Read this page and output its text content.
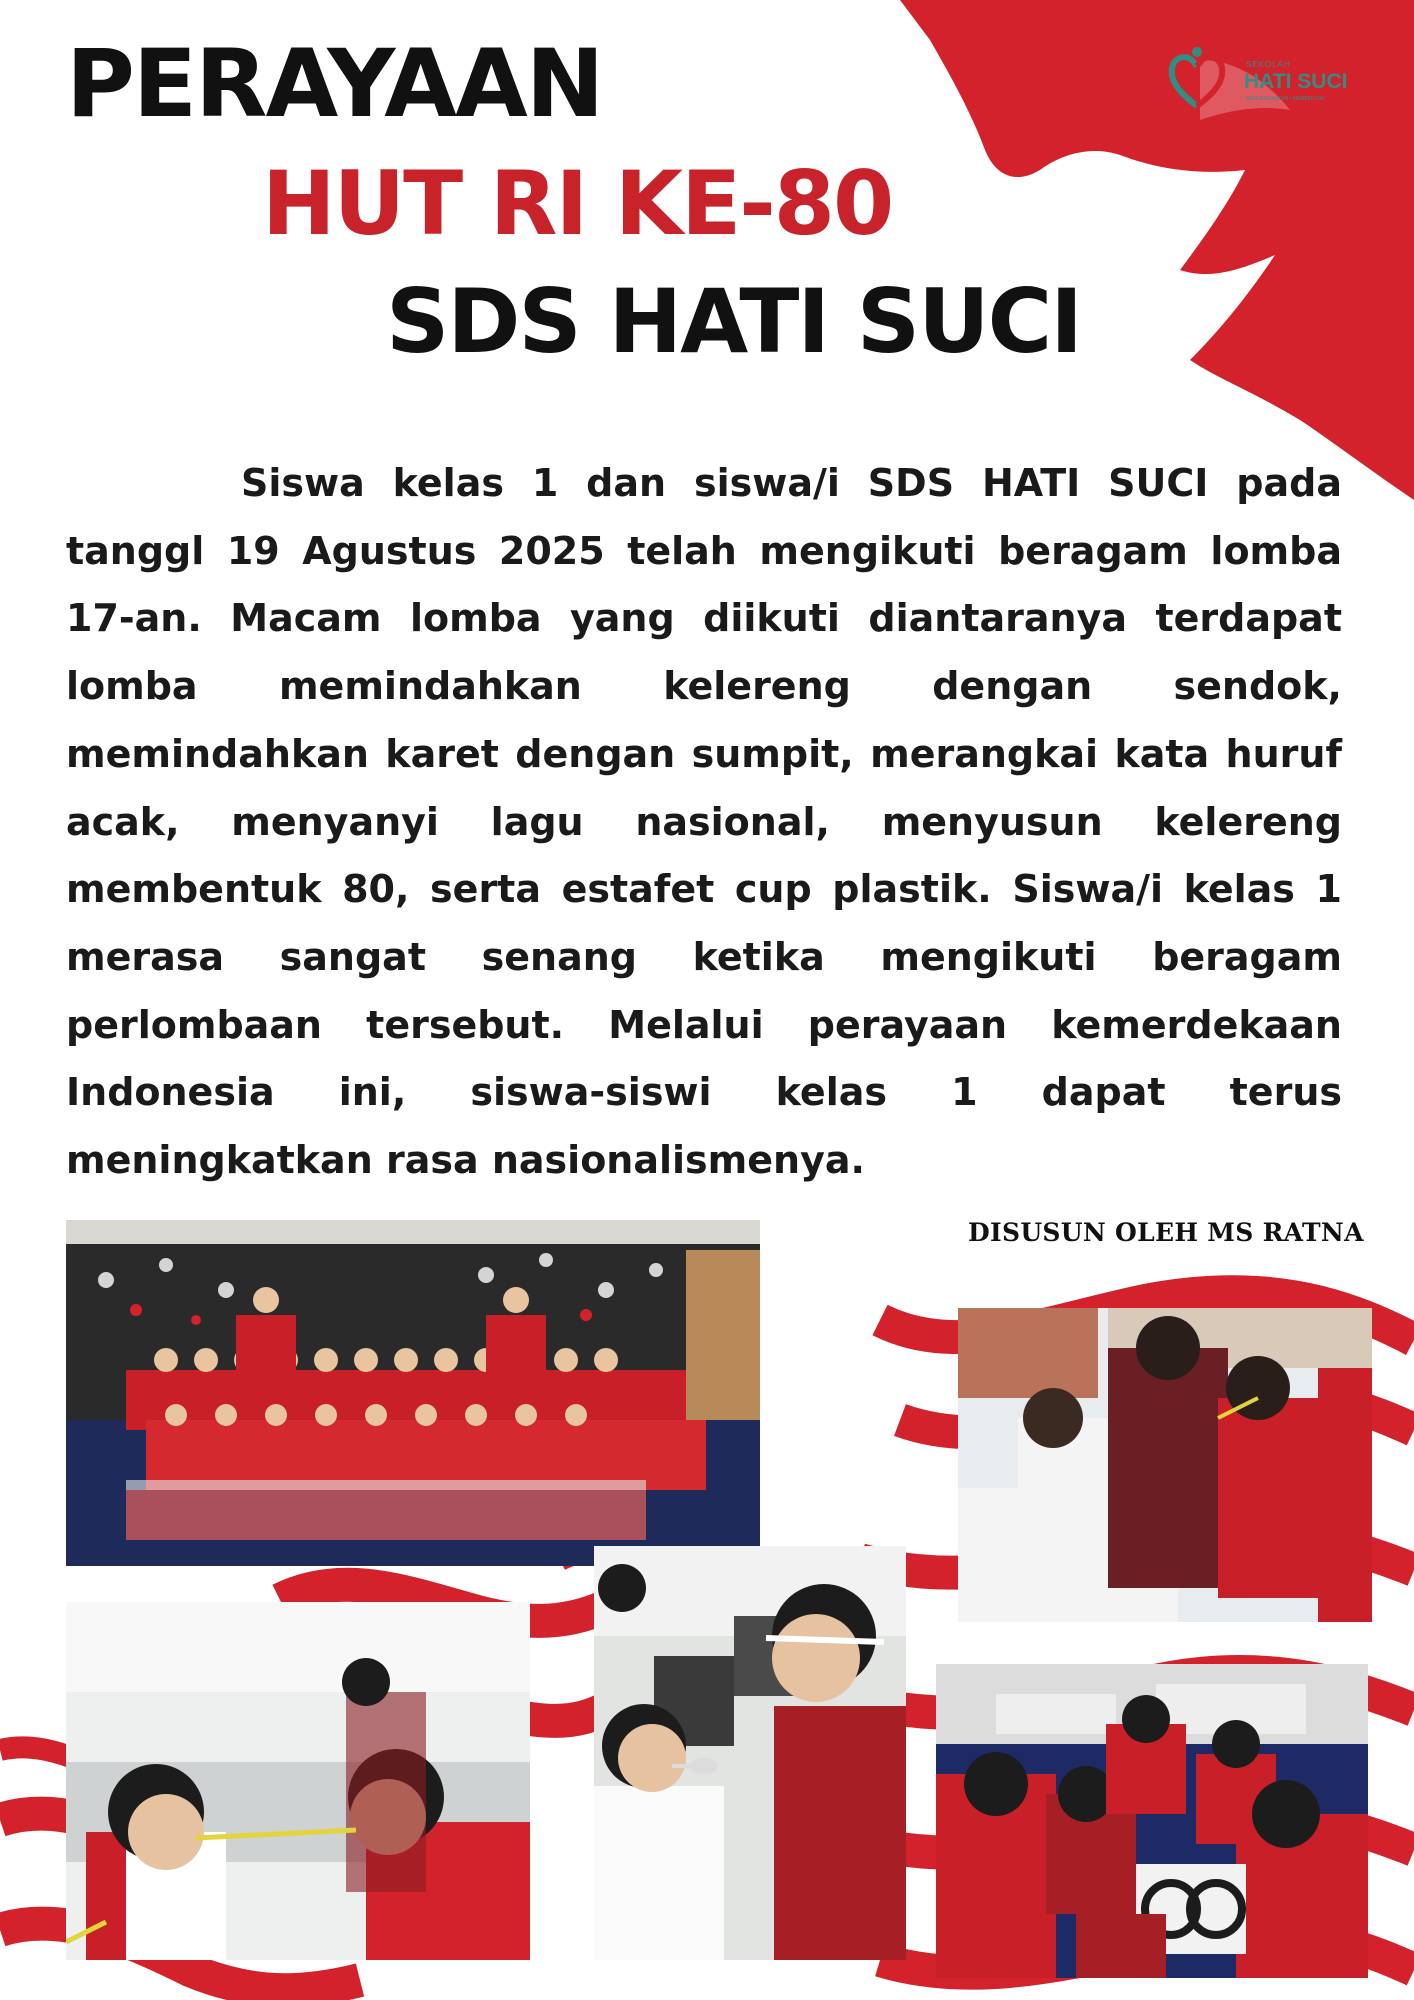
PERAYAAN
HUT RI KE-80
SDS HATI SUCI
SEKOLAH
HATI SUCI
MENCERDASKAN • MEMBENTUK

Siswa kelas 1 dan siswa/i SDS HATI SUCI pada tanggl 19 Agustus 2025 telah mengikuti beragam lomba 17-an. Macam lomba yang diikuti diantaranya terdapat lomba memindahkan kelereng dengan sendok, memindahkan karet dengan sumpit, merangkai kata huruf acak, menyanyi lagu nasional, menyusun kelereng membentuk 80, serta estafet cup plastik. Siswa/i kelas 1 merasa sangat senang ketika mengikuti beragam perlombaan tersebut. Melalui perayaan kemerdekaan Indonesia ini, siswa-siswi kelas 1 dapat terus meningkatkan rasa nasionalismenya.

DISUSUN OLEH MS RATNA
